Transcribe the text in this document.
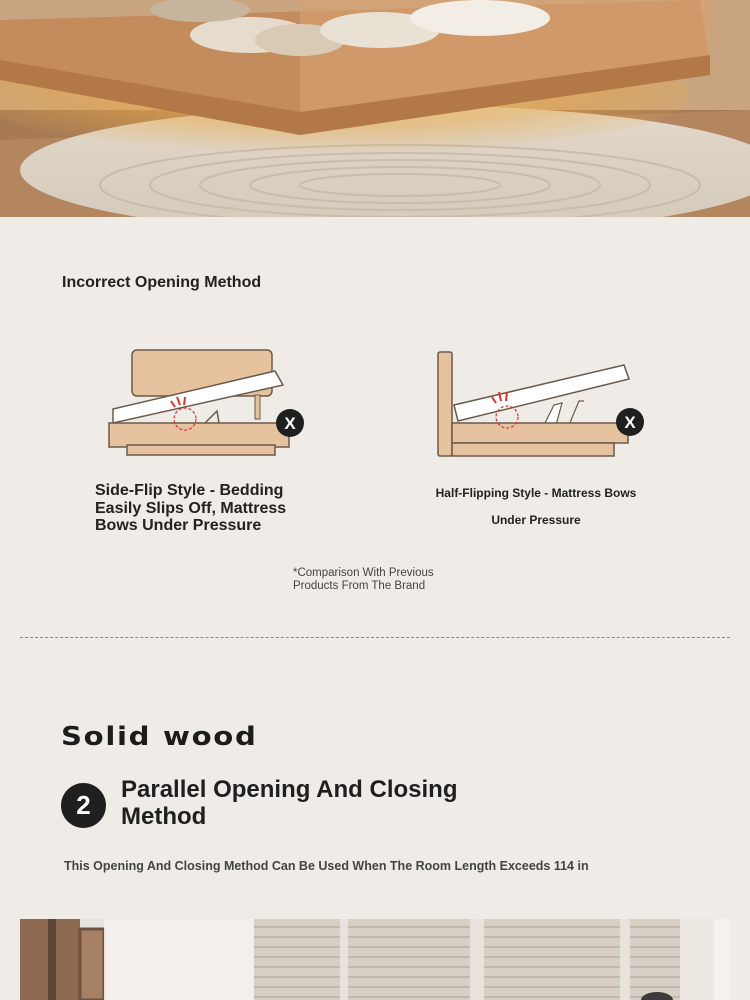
Incorrect Opening Method
X	X
Side-Flip Style - Bedding Easily Slips Off, Mattress Bows Under Pressure
Half-Flipping Style - Mattress Bows
Under Pressure
*Comparison With Previous Products From The Brand
Solid wood
2
Parallel Opening And Closing Method
This Opening And Closing Method Can Be Used When The Room Length Exceeds 114 in
